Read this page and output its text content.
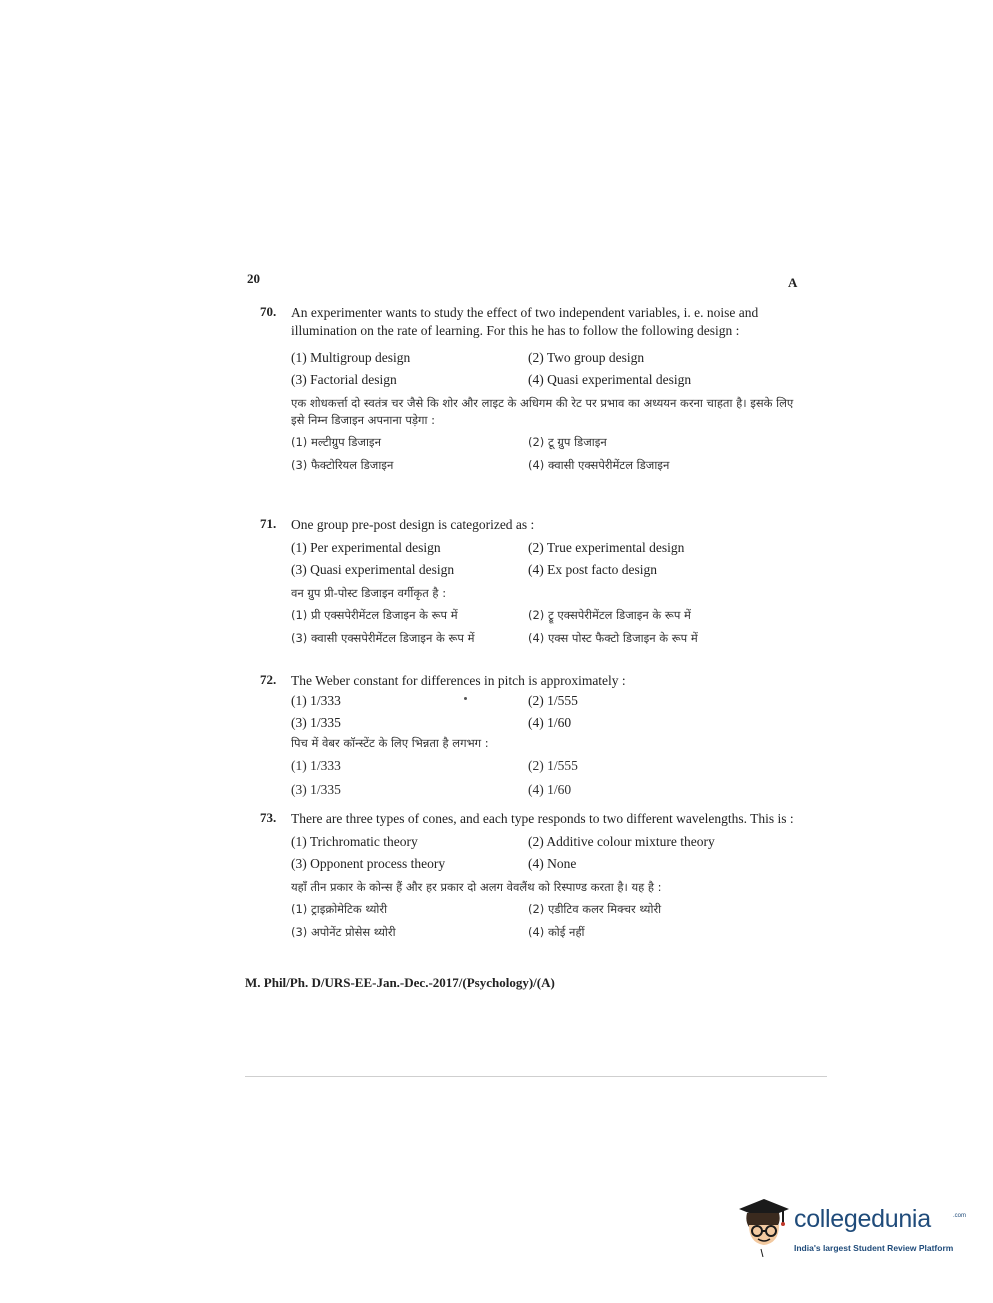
20	A
70. An experimenter wants to study the effect of two independent variables, i. e. noise and illumination on the rate of learning. For this he has to follow the following design :
(1) Multigroup design	(2) Two group design
(3) Factorial design	(4) Quasi experimental design
एक शोधकर्त्ता दो स्वतंत्र चर जैसे कि शोर और लाइट के अधिगम की रेट पर प्रभाव का अध्ययन करना चाहता है। इसके लिए इसे निम्न डिजाइन अपनाना पड़ेगा :
(1) मल्टीग्रुप डिजाइन	(2) टू ग्रुप डिजाइन
(3) फैक्टोरियल डिजाइन	(4) क्वासी एक्सपेरीमेंटल डिजाइन
71. One group pre-post design is categorized as :
(1) Per experimental design	(2) True experimental design
(3) Quasi experimental design	(4) Ex post facto design
वन ग्रुप प्री-पोस्ट डिजाइन वर्गीकृत है :
(1) प्री एक्सपेरीमेंटल डिजाइन के रूप में	(2) ट्रू एक्सपेरीमेंटल डिजाइन के रूप में
(3) क्वासी एक्सपेरीमेंटल डिजाइन के रूप में	(4) एक्स पोस्ट फैक्टो डिजाइन के रूप में
72. The Weber constant for differences in pitch is approximately :
(1) 1/333	(2) 1/555
(3) 1/335	(4) 1/60
पिच में वेबर कॉन्स्टेंट के लिए भिन्नता है लगभग :
(1) 1/333	(2) 1/555
(3) 1/335	(4) 1/60
73. There are three types of cones, and each type responds to two different wavelengths. This is :
(1) Trichromatic theory	(2) Additive colour mixture theory
(3) Opponent process theory	(4) None
यहाँ तीन प्रकार के कोन्स हैं और हर प्रकार दो अलग वेवलैंथ को रिस्पाण्ड करता है। यह है :
(1) ट्राइक्रोमेटिक थ्योरी	(2) एडीटिव कलर मिक्चर थ्योरी
(3) अपोनेंट प्रोसेस थ्योरी	(4) कोई नहीं
M. Phil/Ph. D/URS-EE-Jan.-Dec.-2017/(Psychology)/(A)
collegedunia	.com
India's largest Student Review Platform
